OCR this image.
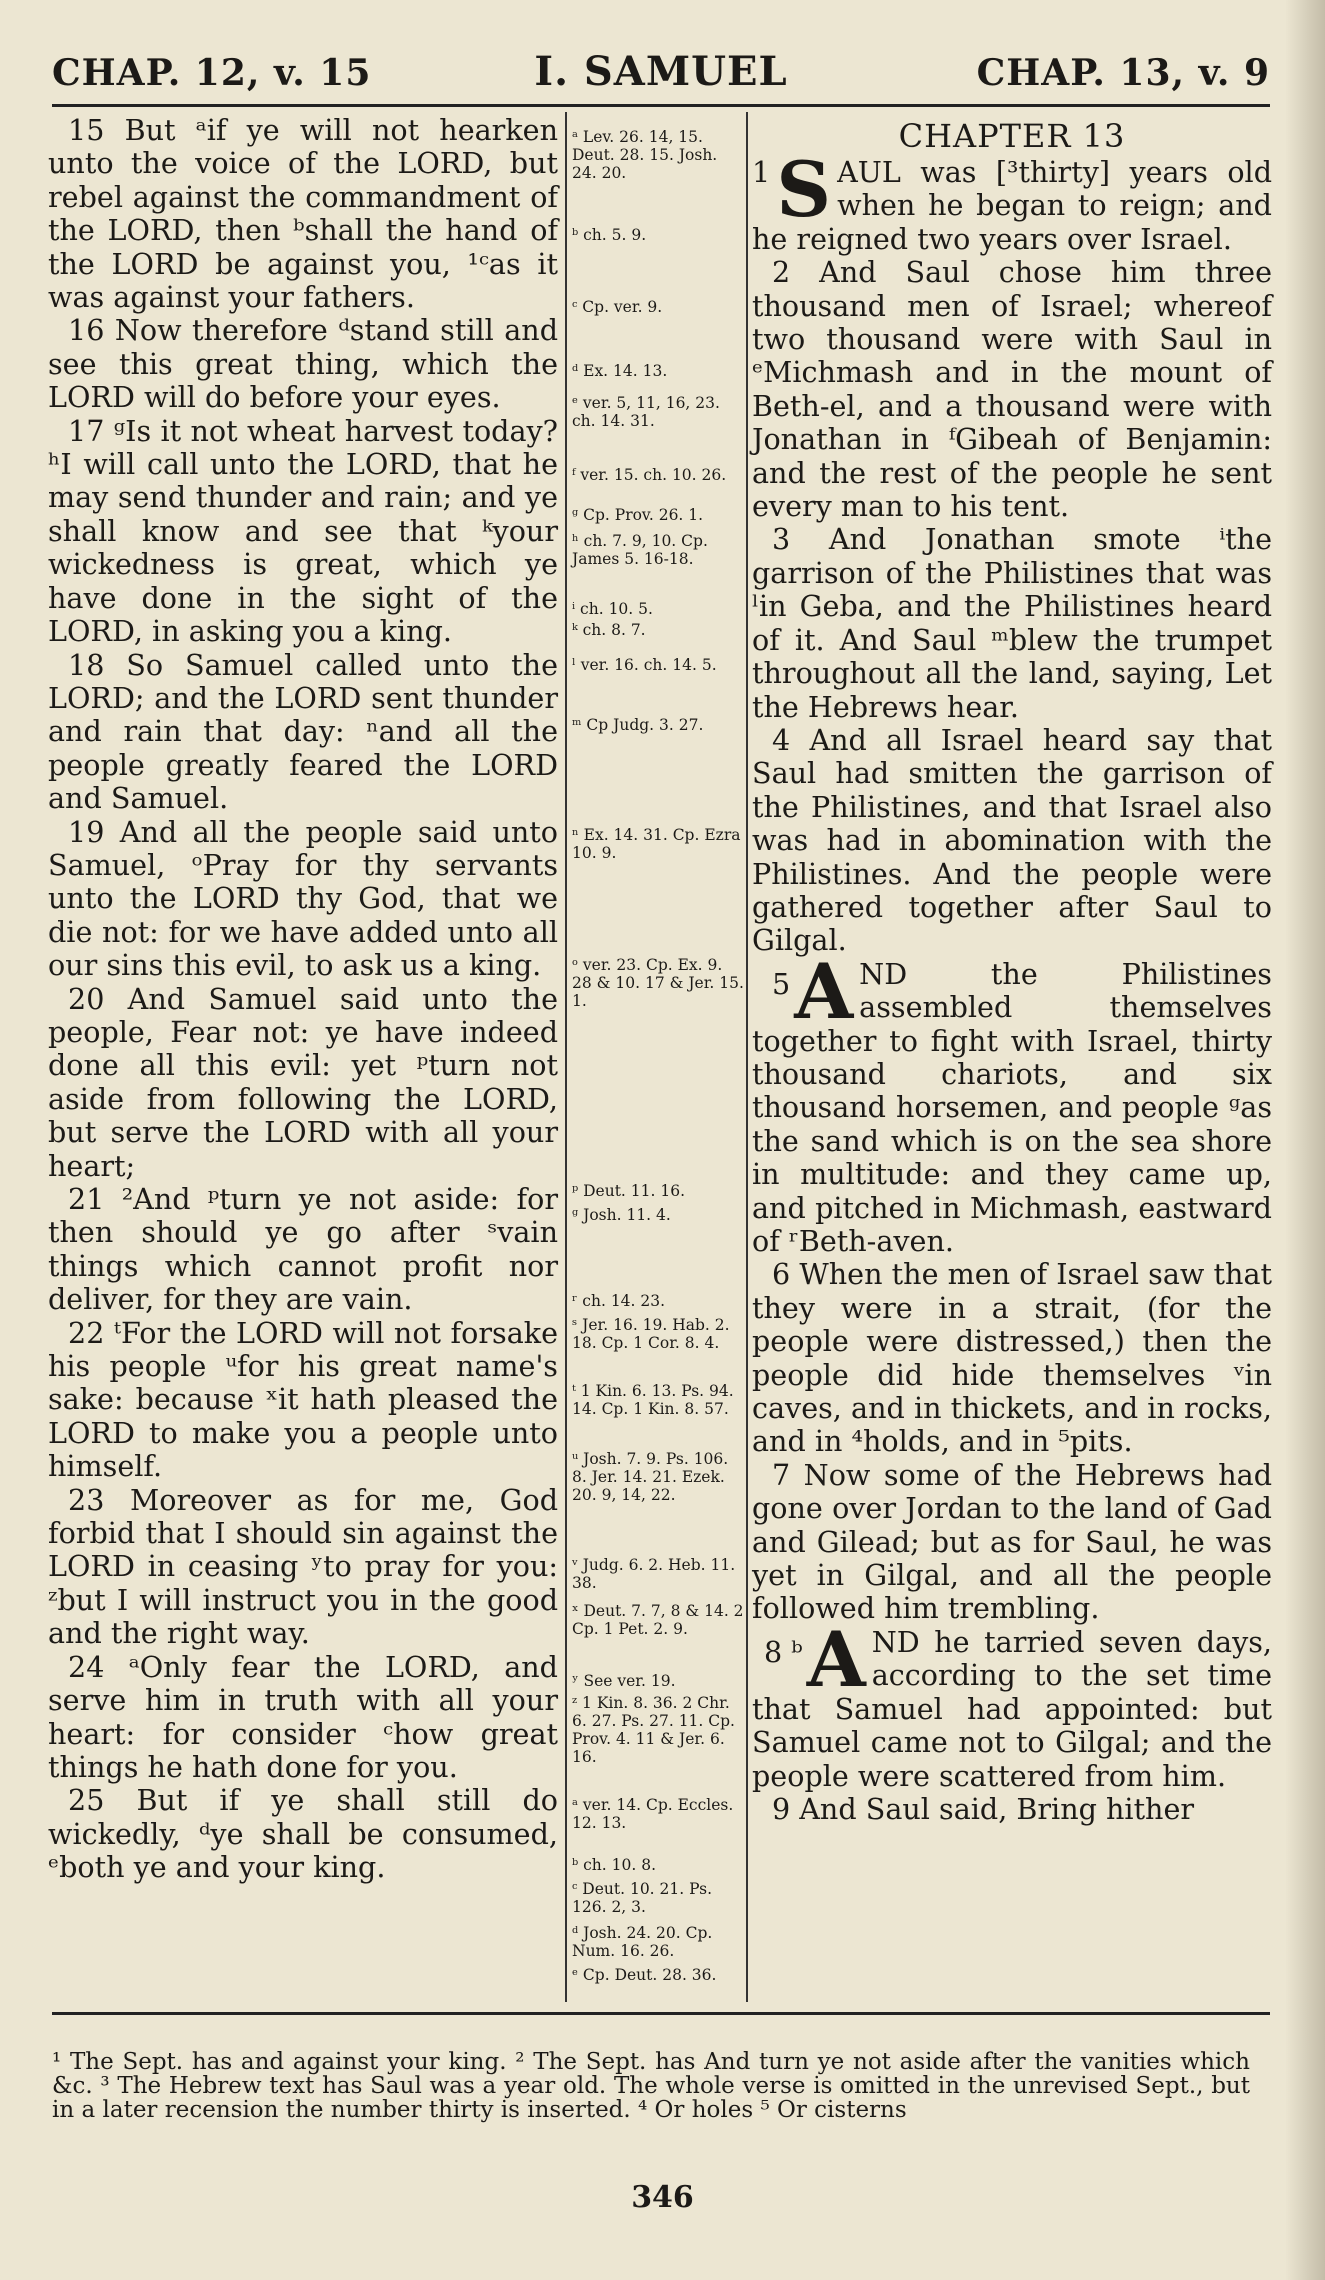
CHAP. 12, v. 15	I. SAMUEL	CHAP. 13, v. 9

15 But ᵃif ye will not hearken unto the voice of the LORD, but rebel against the commandment of the LORD, then ᵇshall the hand of the LORD be against you, ¹ᶜas it was against your fathers.

16 Now therefore ᵈstand still and see this great thing, which the LORD will do before your eyes.

17 ᵍIs it not wheat harvest today? ʰI will call unto the LORD, that he may send thunder and rain; and ye shall know and see that ᵏyour wickedness is great, which ye have done in the sight of the LORD, in asking you a king.

18 So Samuel called unto the LORD; and the LORD sent thunder and rain that day: ⁿand all the people greatly feared the LORD and Samuel.

19 And all the people said unto Samuel, ᵒPray for thy servants unto the LORD thy God, that we die not: for we have added unto all our sins this evil, to ask us a king.

20 And Samuel said unto the people, Fear not: ye have indeed done all this evil: yet ᵖturn not aside from following the LORD, but serve the LORD with all your heart;

21 ²And ᵖturn ye not aside: for then should ye go after ˢvain things which cannot profit nor deliver, for they are vain.

22 ᵗFor the LORD will not forsake his people ᵘfor his great name's sake: because ˣit hath pleased the LORD to make you a people unto himself.

23 Moreover as for me, God forbid that I should sin against the LORD in ceasing ʸto pray for you: ᶻbut I will instruct you in the good and the right way.

24 ᵃOnly fear the LORD, and serve him in truth with all your heart: for consider ᶜhow great things he hath done for you.

25 But if ye shall still do wickedly, ᵈye shall be consumed, ᵉboth ye and your king.

ᵃ Lev. 26. 14, 15. Deut. 28. 15. Josh. 24. 20.
ᵇ ch. 5. 9.
ᶜ Cp. ver. 9.
ᵈ Ex. 14. 13.
ᵉ ver. 5, 11, 16, 23. ch. 14. 31.
ᶠ ver. 15. ch. 10. 26.
ᵍ Cp. Prov. 26. 1.
ʰ ch. 7. 9, 10. Cp. James 5. 16-18.
ⁱ ch. 10. 5.
ᵏ ch. 8. 7.
ˡ ver. 16. ch. 14. 5.
ᵐ Cp Judg. 3. 27.
ⁿ Ex. 14. 31. Cp. Ezra 10. 9.
ᵒ ver. 23. Cp. Ex. 9. 28 & 10. 17 & Jer. 15. 1.
ᵖ Deut. 11. 16.
ᵍ Josh. 11. 4.
ʳ ch. 14. 23.
ˢ Jer. 16. 19. Hab. 2. 18. Cp. 1 Cor. 8. 4.
ᵗ 1 Kin. 6. 13. Ps. 94. 14. Cp. 1 Kin. 8. 57.
ᵘ Josh. 7. 9. Ps. 106. 8. Jer. 14. 21. Ezek. 20. 9, 14, 22.
ᵛ Judg. 6. 2. Heb. 11. 38.
ˣ Deut. 7. 7, 8 & 14. 2 Cp. 1 Pet. 2. 9.
ʸ See ver. 19.
ᶻ 1 Kin. 8. 36. 2 Chr. 6. 27. Ps. 27. 11. Cp. Prov. 4. 11 & Jer. 6. 16.
ᵃ ver. 14. Cp. Eccles. 12. 13.
ᵇ ch. 10. 8.
ᶜ Deut. 10. 21. Ps. 126. 2, 3.
ᵈ Josh. 24. 20. Cp. Num. 16. 26.
ᵉ Cp. Deut. 28. 36.
CHAPTER 13

1 S AUL was [³thirty] years old when he began to reign; and he reigned two years over Israel.

2 And Saul chose him three thousand men of Israel; whereof two thousand were with Saul in ᵉMichmash and in the mount of Beth-el, and a thousand were with Jonathan in ᶠGibeah of Benjamin: and the rest of the people he sent every man to his tent.

3 And Jonathan smote ⁱthe garrison of the Philistines that was ˡin Geba, and the Philistines heard of it. And Saul ᵐblew the trumpet throughout all the land, saying, Let the Hebrews hear.

4 And all Israel heard say that Saul had smitten the garrison of the Philistines, and that Israel also was had in abomination with the Philistines. And the people were gathered together after Saul to Gilgal.

5 A ND the Philistines assembled themselves together to fight with Israel, thirty thousand chariots, and six thousand horsemen, and people ᵍas the sand which is on the sea shore in multitude: and they came up, and pitched in Michmash, eastward of ʳBeth-aven.

6 When the men of Israel saw that they were in a strait, (for the people were distressed,) then the people did hide themselves ᵛin caves, and in thickets, and in rocks, and in ⁴holds, and in ⁵pits.

7 Now some of the Hebrews had gone over Jordan to the land of Gad and Gilead; but as for Saul, he was yet in Gilgal, and all the people followed him trembling.

8 ᵇ A ND he tarried seven days, according to the set time that Samuel had appointed: but Samuel came not to Gilgal; and the people were scattered from him.

9 And Saul said, Bring hither

¹ The Sept. has and against your king. ² The Sept. has And turn ye not aside after the vanities which &c. ³ The Hebrew text has Saul was a year old. The whole verse is omitted in the unrevised Sept., but in a later recension the number thirty is inserted. ⁴ Or holes ⁵ Or cisterns
346
